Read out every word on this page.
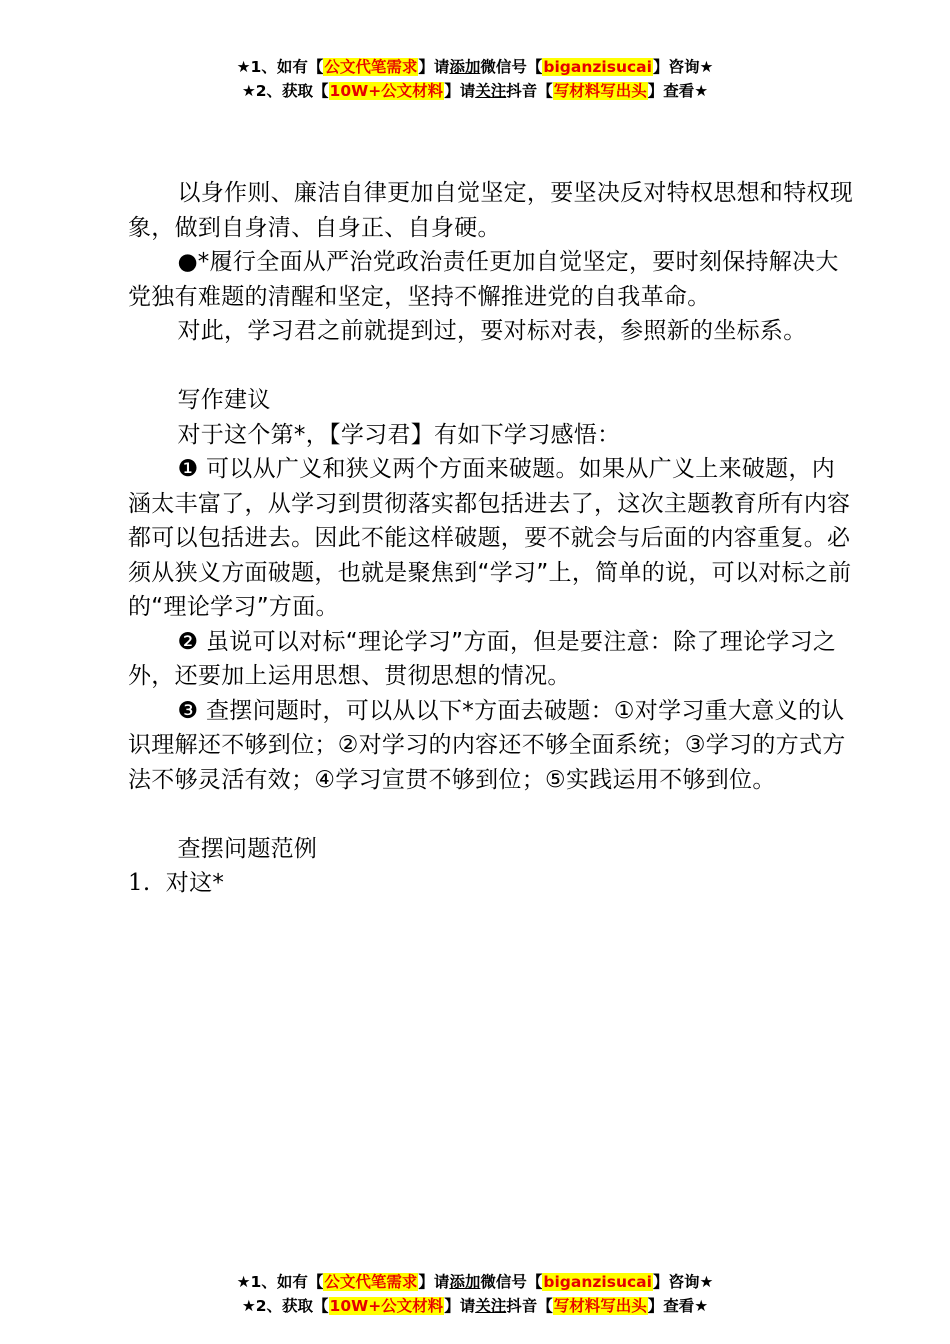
★1、如有【公文代笔需求】请添加微信号【biganzisucai】咨询★
★2、获取【10W+公文材料】请关注抖音【写材料写出头】查看★

以身作则、廉洁自律更加自觉坚定，要坚决反对特权思想和特权现象，做到自身清、自身正、自身硬。

●*履行全面从严治党政治责任更加自觉坚定，要时刻保持解决大党独有难题的清醒和坚定，坚持不懈推进党的自我革命。

对此，学习君之前就提到过，要对标对表，参照新的坐标系。

写作建议

对于这个第*，【学习君】有如下学习感悟：

❶ 可以从广义和狭义两个方面来破题。如果从广义上来破题，内涵太丰富了，从学习到贯彻落实都包括进去了，这次主题教育所有内容都可以包括进去。因此不能这样破题，要不就会与后面的内容重复。必须从狭义方面破题，也就是聚焦到“学习”上，简单的说，可以对标之前的“理论学习”方面。

❷ 虽说可以对标“理论学习”方面，但是要注意：除了理论学习之外，还要加上运用思想、贯彻思想的情况。

❸ 查摆问题时，可以从以下*方面去破题：①对学习重大意义的认识理解还不够到位；②对学习的内容还不够全面系统；③学习的方式方法不够灵活有效；④学习宣贯不够到位；⑤实践运用不够到位。

查摆问题范例

1. 对这*

★1、如有【公文代笔需求】请添加微信号【biganzisucai】咨询★
★2、获取【10W+公文材料】请关注抖音【写材料写出头】查看★
